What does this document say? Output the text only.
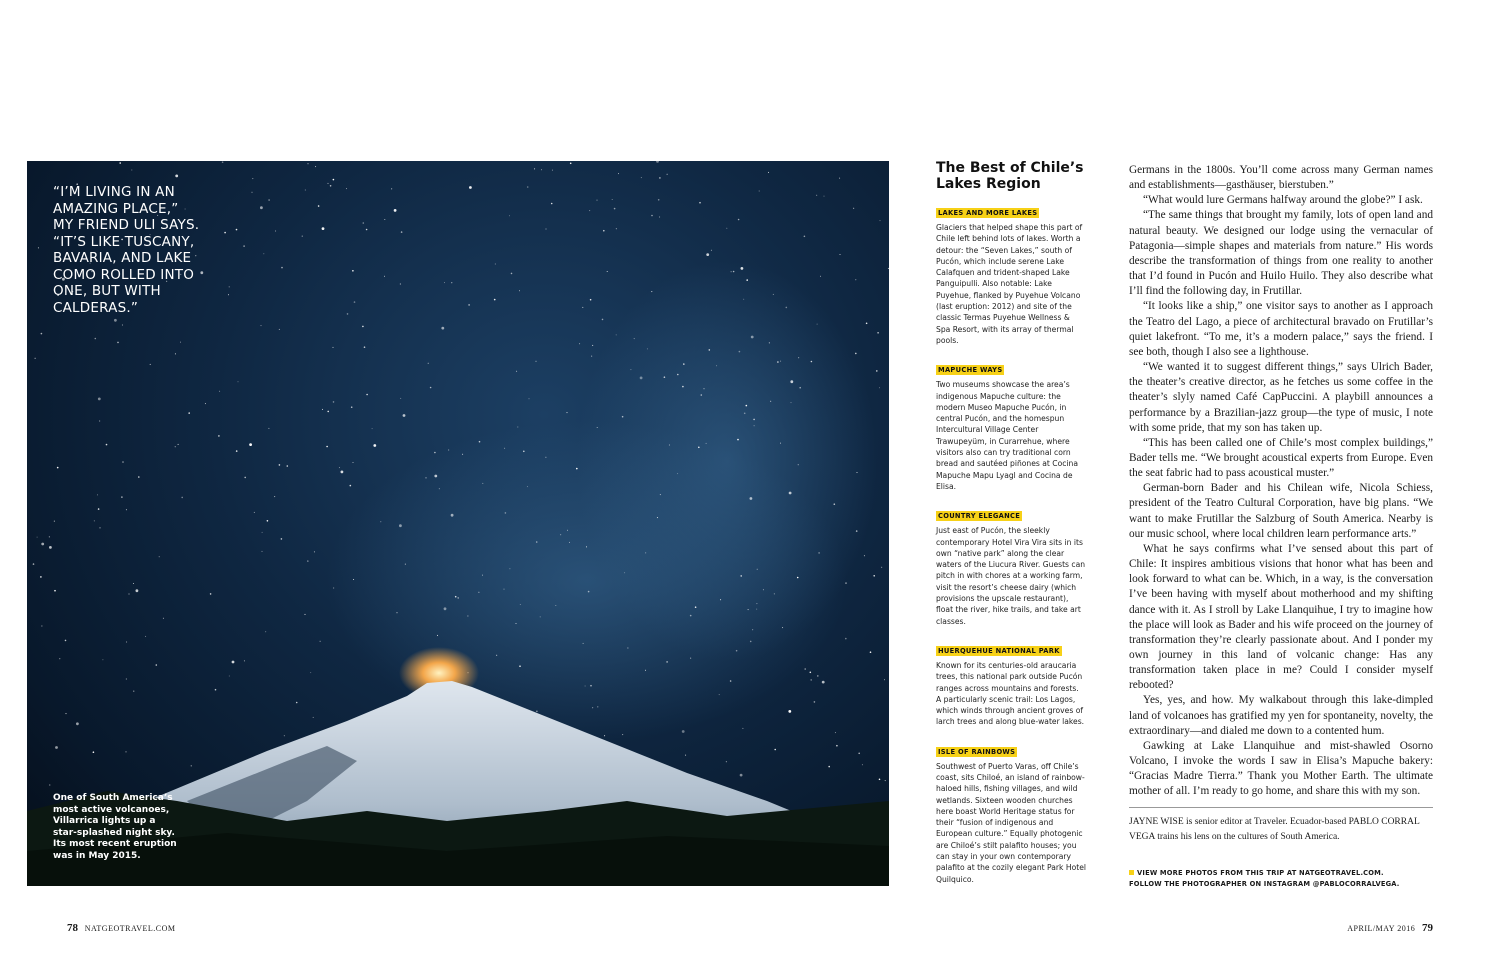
“I’M LIVING IN AN AMAZING PLACE,” MY FRIEND ULI SAYS. “IT’S LIKE TUSCANY, BAVARIA, AND LAKE COMO ROLLED INTO ONE, BUT WITH CALDERAS.”

One of South America’s most active volcanoes, Villarrica lights up a star-splashed night sky. Its most recent eruption was in May 2015.

The Best of Chile’s Lakes Region
LAKES AND MORE LAKES

Glaciers that helped shape this part of Chile left behind lots of lakes. Worth a detour: the “Seven Lakes,” south of Pucón, which include serene Lake Calafquen and trident-shaped Lake Panguipulli. Also notable: Lake Puyehue, flanked by Puyehue Volcano (last eruption: 2012) and site of the classic Termas Puyehue Wellness & Spa Resort, with its array of thermal pools.

MAPUCHE WAYS

Two museums showcase the area’s indigenous Mapuche culture: the modern Museo Mapuche Pucón, in central Pucón, and the homespun Intercultural Village Center Trawupeyüm, in Curarrehue, where visitors also can try traditional corn bread and sautéed piñones at Cocina Mapuche Mapu Lyagl and Cocina de Elisa.

COUNTRY ELEGANCE

Just east of Pucón, the sleekly contemporary Hotel Vira Vira sits in its own “native park” along the clear waters of the Liucura River. Guests can pitch in with chores at a working farm, visit the resort’s cheese dairy (which provisions the upscale restaurant), float the river, hike trails, and take art classes.

HUERQUEHUE NATIONAL PARK

Known for its centuries-old araucaria trees, this national park outside Pucón ranges across mountains and forests. A particularly scenic trail: Los Lagos, which winds through ancient groves of larch trees and along blue-water lakes.

ISLE OF RAINBOWS

Southwest of Puerto Varas, off Chile’s coast, sits Chiloé, an island of rainbow-haloed hills, fishing villages, and wild wetlands. Sixteen wooden churches here boast World Heritage status for their “fusion of indigenous and European culture.” Equally photogenic are Chiloé’s stilt palafito houses; you can stay in your own contemporary palafito at the cozily elegant Park Hotel Quilquico.

Germans in the 1800s. You’ll come across many German names and establishments—gasthäuser, bierstuben.”

“What would lure Germans halfway around the globe?” I ask.

“The same things that brought my family, lots of open land and natural beauty. We designed our lodge using the vernacular of Patagonia—simple shapes and materials from nature.” His words describe the transformation of things from one reality to another that I’d found in Pucón and Huilo Huilo. They also describe what I’ll find the following day, in Frutillar.

“It looks like a ship,” one visitor says to another as I approach the Teatro del Lago, a piece of architectural bravado on Frutillar’s quiet lakefront. “To me, it’s a modern palace,” says the friend. I see both, though I also see a lighthouse.

“We wanted it to suggest different things,” says Ulrich Bader, the theater’s creative director, as he fetches us some coffee in the theater’s slyly named Café CapPuccini. A playbill announces a performance by a Brazilian-jazz group—the type of music, I note with some pride, that my son has taken up.

“This has been called one of Chile’s most complex buildings,” Bader tells me. “We brought acoustical experts from Europe. Even the seat fabric had to pass acoustical muster.”

German-born Bader and his Chilean wife, Nicola Schiess, president of the Teatro Cultural Corporation, have big plans. “We want to make Frutillar the Salzburg of South America. Nearby is our music school, where local children learn performance arts.”

What he says confirms what I’ve sensed about this part of Chile: It inspires ambitious visions that honor what has been and look forward to what can be. Which, in a way, is the conversation I’ve been having with myself about motherhood and my shifting dance with it. As I stroll by Lake Llanquihue, I try to imagine how the place will look as Bader and his wife proceed on the journey of transformation they’re clearly passionate about. And I ponder my own journey in this land of volcanic change: Has any transformation taken place in me? Could I consider myself rebooted?

Yes, yes, and how. My walkabout through this lake-dimpled land of volcanoes has gratified my yen for spontaneity, novelty, the extraordinary—and dialed me down to a contented hum.

Gawking at Lake Llanquihue and mist-shawled Osorno Volcano, I invoke the words I saw in Elisa’s Mapuche bakery: “Gracias Madre Tierra.” Thank you Mother Earth. The ultimate mother of all. I’m ready to go home, and share this with my son.

JAYNE WISE is senior editor at Traveler. Ecuador-based PABLO CORRAL VEGA trains his lens on the cultures of South America.

VIEW MORE PHOTOS FROM THIS TRIP AT NATGEOTRAVEL.COM.
FOLLOW THE PHOTOGRAPHER ON INSTAGRAM @PABLOCORRALVEGA.
78 NATGEOTRAVEL.COM	APRIL/MAY 2016 79
